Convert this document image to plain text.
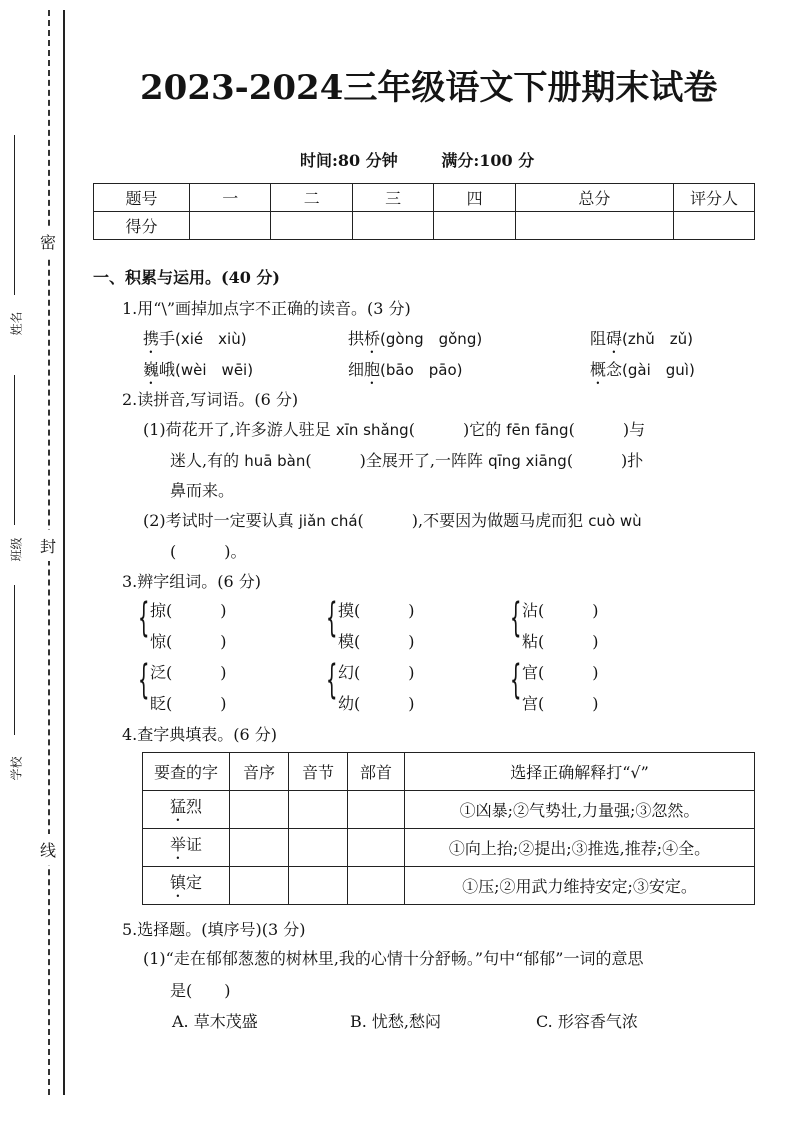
密
封
线
姓名
班级
学校
2023-2024三年级语文下册期末试卷
时间:80 分钟	满分:100 分
题号	一	二	三	四	总分	评分人
得分						
一、积累与运用。(40 分)
1.用“\”画掉加点字不正确的读音。(3 分)
携手(xié　xiù)	拱桥(gòng　gǒng)	阻碍(zhǔ　zǔ)
巍峨(wèi　wēi)	细胞(bāo　pāo)	概念(gài　guì)
2.读拼音,写词语。(6 分)
(1)荷花开了,许多游人驻足 xīn shǎng(　　　)它的 fēn fāng(　　　)与
迷人,有的 huā bàn(　　　)全展开了,一阵阵 qīng xiāng(　　　)扑
鼻而来。
(2)考试时一定要认真 jiǎn chá(　　　),不要因为做题马虎而犯 cuò wù
(　　　)。
3.辨字组词。(6 分)
{ 掠(　　　)
惊(　　　)
{ 摸(　　　)
模(　　　)
{ 沾(　　　)
粘(　　　)
{ 泛(　　　)
眨(　　　)
{ 幻(　　　)
幼(　　　)
{ 官(　　　)
宫(　　　)
4.查字典填表。(6 分)
要查的字	音序	音节	部首	选择正确解释打“√”
猛烈				①凶暴;②气势壮,力量强;③忽然。
举证				①向上抬;②提出;③推选,推荐;④全。
镇定				①压;②用武力维持安定;③安定。
5.选择题。(填序号)(3 分)
(1)“走在郁郁葱葱的树林里,我的心情十分舒畅。”句中“郁郁”一词的意思
是(　　)
A. 草木茂盛	B. 忧愁,愁闷	C. 形容香气浓
